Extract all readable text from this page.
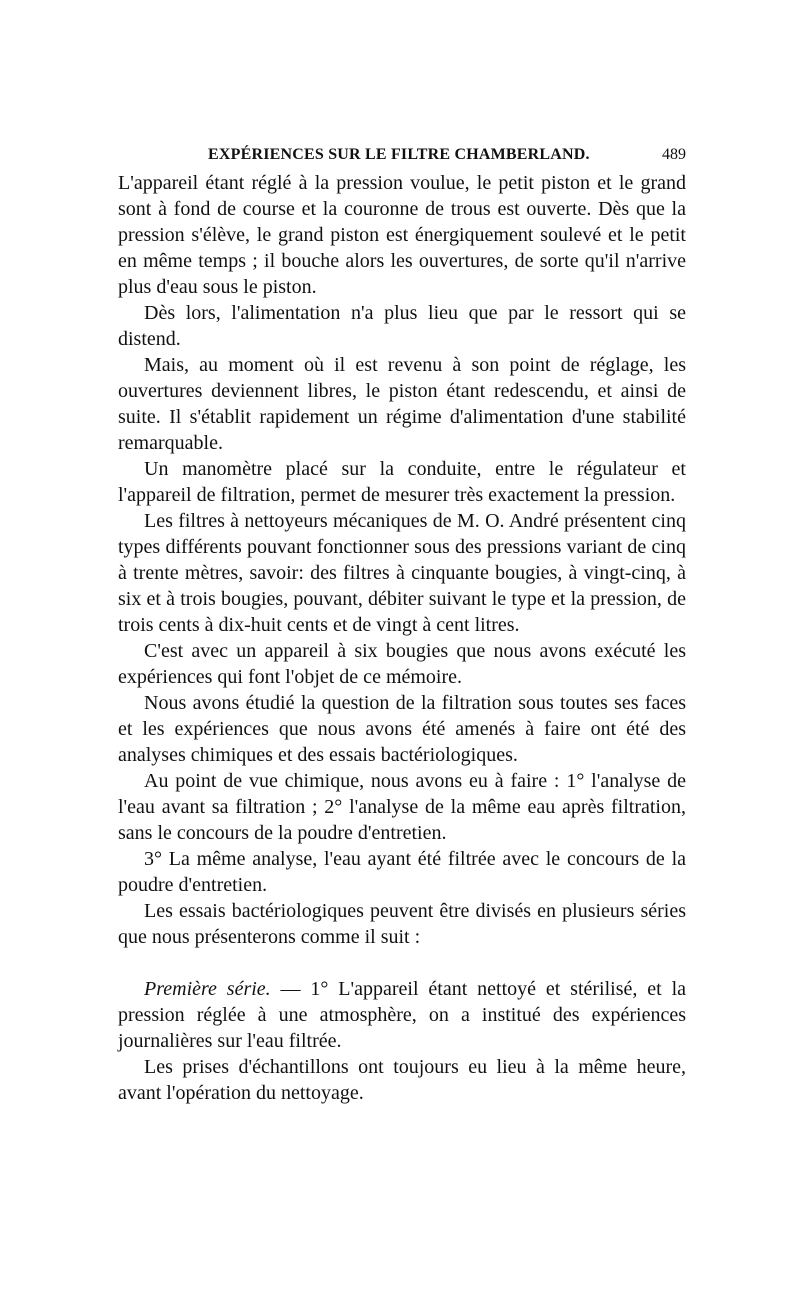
EXPÉRIENCES SUR LE FILTRE CHAMBERLAND.	489

L'appareil étant réglé à la pression voulue, le petit piston et le grand sont à fond de course et la couronne de trous est ouverte. Dès que la pression s'élève, le grand piston est énergiquement soulevé et le petit en même temps ; il bouche alors les ouvertures, de sorte qu'il n'arrive plus d'eau sous le piston.

Dès lors, l'alimentation n'a plus lieu que par le ressort qui se distend.

Mais, au moment où il est revenu à son point de réglage, les ouvertures deviennent libres, le piston étant redescendu, et ainsi de suite. Il s'établit rapidement un régime d'alimentation d'une stabilité remarquable.

Un manomètre placé sur la conduite, entre le régulateur et l'appareil de filtration, permet de mesurer très exactement la pression.

Les filtres à nettoyeurs mécaniques de M. O. André présentent cinq types différents pouvant fonctionner sous des pressions variant de cinq à trente mètres, savoir: des filtres à cinquante bougies, à vingt-cinq, à six et à trois bougies, pouvant, débiter suivant le type et la pression, de trois cents à dix-huit cents et de vingt à cent litres.

C'est avec un appareil à six bougies que nous avons exécuté les expériences qui font l'objet de ce mémoire.

Nous avons étudié la question de la filtration sous toutes ses faces et les expériences que nous avons été amenés à faire ont été des analyses chimiques et des essais bactériologiques.

Au point de vue chimique, nous avons eu à faire : 1° l'analyse de l'eau avant sa filtration ; 2° l'analyse de la même eau après filtration, sans le concours de la poudre d'entretien.

3° La même analyse, l'eau ayant été filtrée avec le concours de la poudre d'entretien.

Les essais bactériologiques peuvent être divisés en plusieurs séries que nous présenterons comme il suit :

Première série. — 1° L'appareil étant nettoyé et stérilisé, et la pression réglée à une atmosphère, on a institué des expériences journalières sur l'eau filtrée.

Les prises d'échantillons ont toujours eu lieu à la même heure, avant l'opération du nettoyage.
